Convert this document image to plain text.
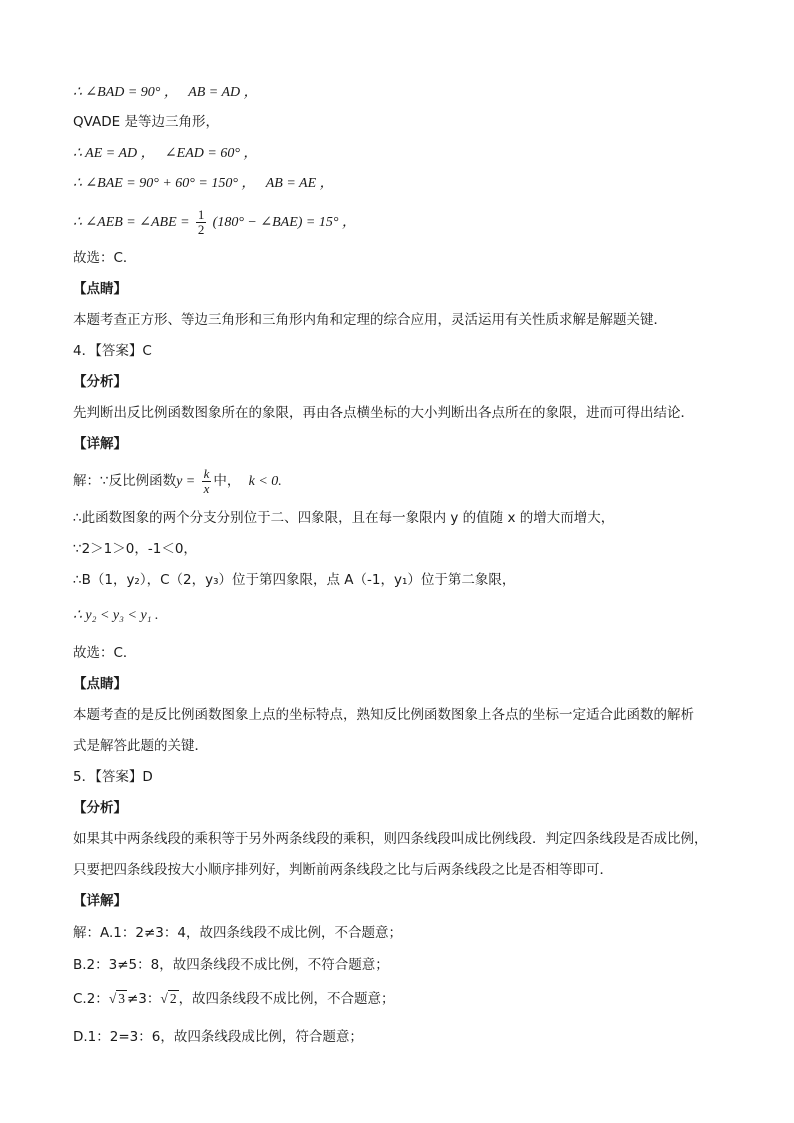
∴ ∠BAD = 90° ， AB = AD ，
QVADE 是等边三角形，
∴ AE = AD ， ∠EAD = 60° ，
∴ ∠BAE = 90° + 60° = 150° ， AB = AE ，
∴ ∠AEB = ∠ABE = $\frac{1}{2} (180^\circ$ − ∠BAE) = 15° ，
故选：C．
【点睛】
本题考查正方形、等边三角形和三角形内角和定理的综合应用，灵活运用有关性质求解是解题关键．
4．【答案】C
【分析】
先判断出反比例函数图象所在的象限，再由各点横坐标的大小判断出各点所在的象限，进而可得出结论．
【详解】
解：∵反比例函数$y = \frac{k}{x}$ 中， k < 0.
∴此函数图象的两个分支分别位于二、四象限，且在每一象限内 y 的值随 x 的增大而增大，
∵2＞1＞0，-1＜0，
∴B（1，y₂），C（2，y₃）位于第四象限，点 A（-1，y₁）位于第二象限，
∴ y₂ < y₃ < y₁ .
故选：C．
【点睛】
本题考查的是反比例函数图象上点的坐标特点，熟知反比例函数图象上各点的坐标一定适合此函数的解析
式是解答此题的关键．
5．【答案】D
【分析】
如果其中两条线段的乘积等于另外两条线段的乘积，则四条线段叫成比例线段．判定四条线段是否成比例，
只要把四条线段按大小顺序排列好，判断前两条线段之比与后两条线段之比是否相等即可．
【详解】
解：A.1：2≠3：4，故四条线段不成比例，不合题意；
B.2：3≠5：8，故四条线段不成比例，不符合题意；
C.2：√ 3 ≠3：√ 2 ，故四条线段不成比例，不合题意；
D.1：2=3：6，故四条线段成比例，符合题意；
